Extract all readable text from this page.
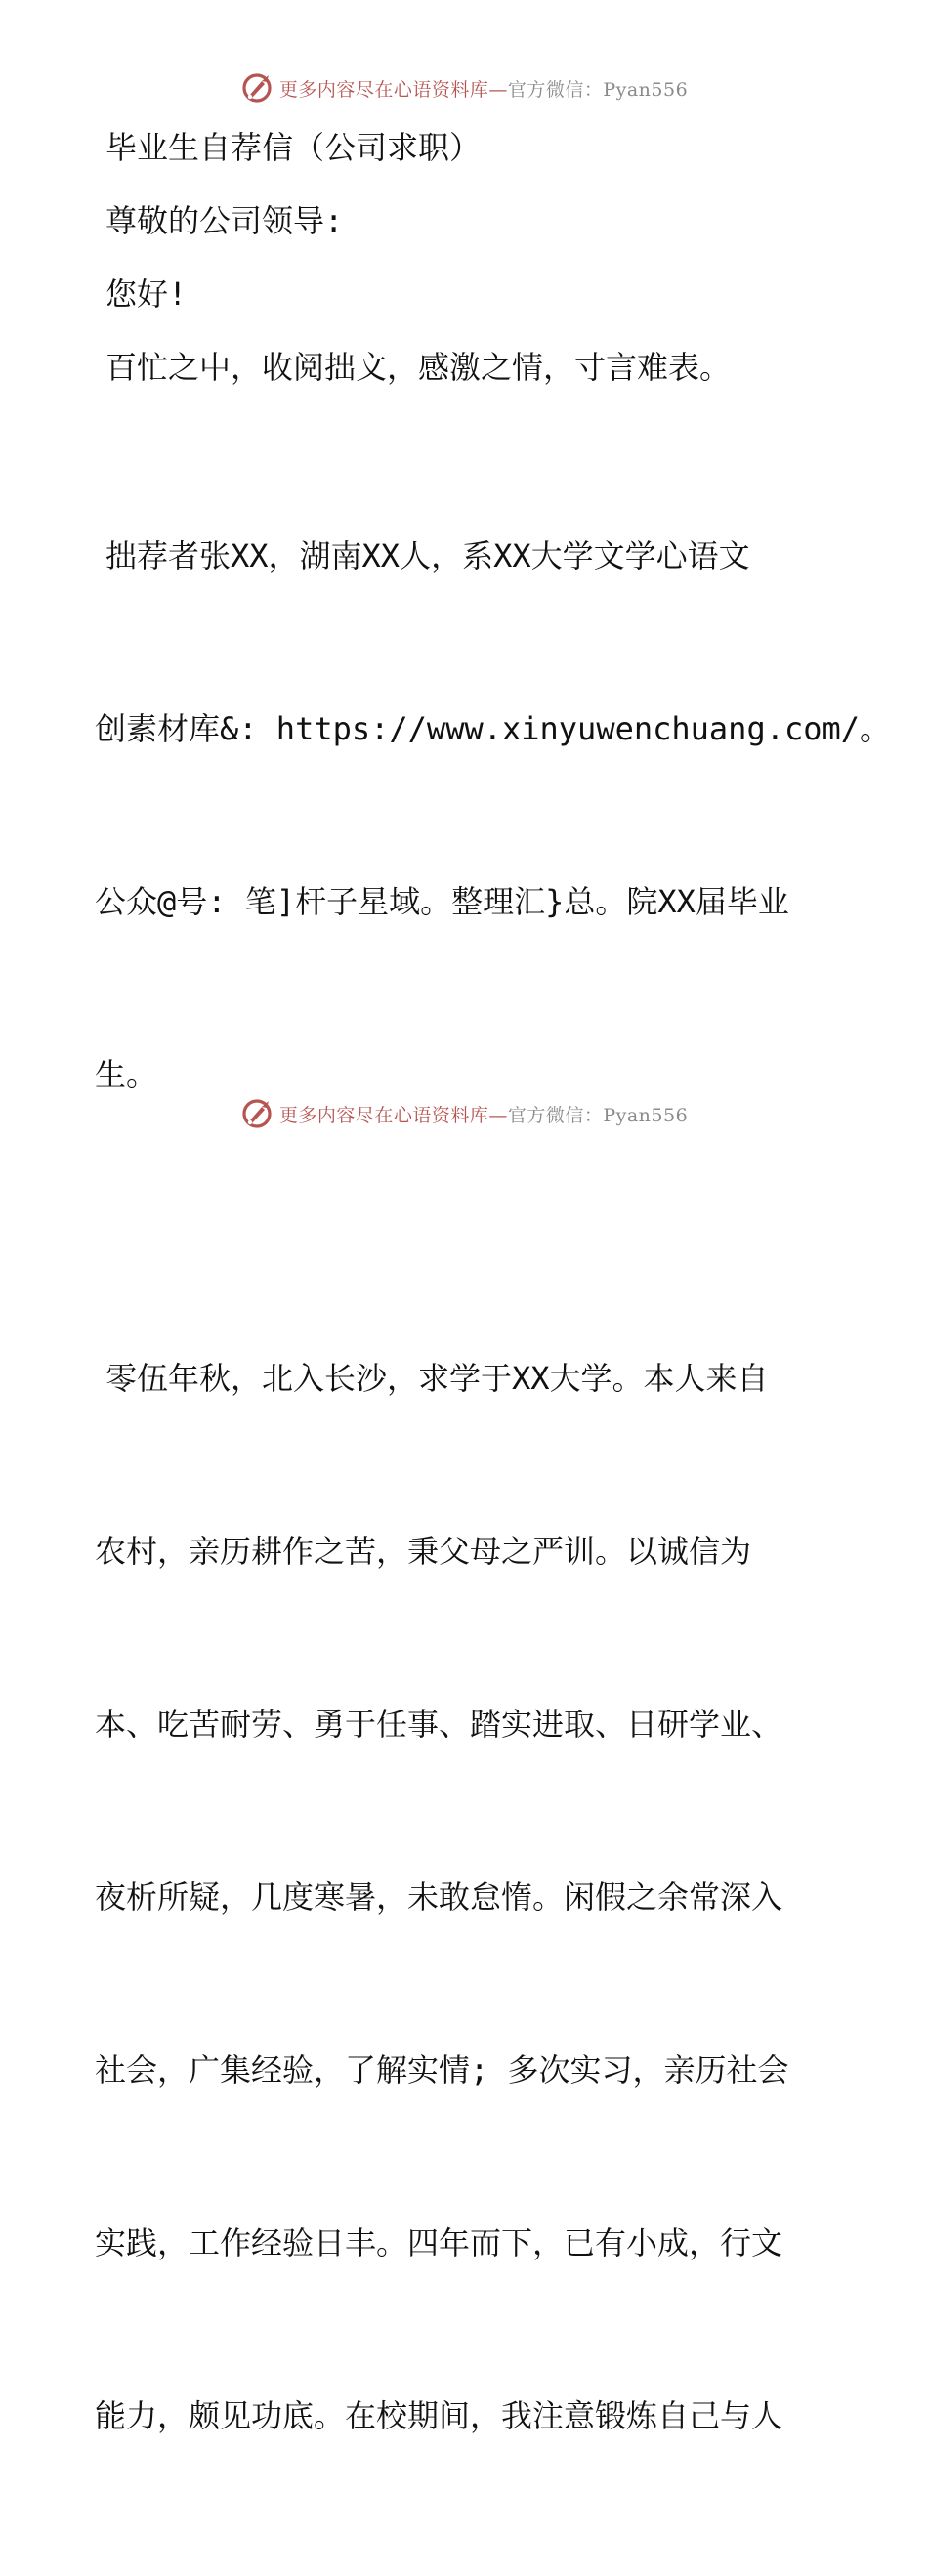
更多内容尽在心语资料库—官方微信：Pyan556
毕业生自荐信（公司求职）
尊敬的公司领导:
您好!
百忙之中，收阅拙文，感激之情，寸言难表。

拙荐者张XX，湖南XX人，系XX大学文学心语文

创素材库&: https://www.xinyuwenchuang.com/。

公众@号: 笔]杆子星域。整理汇}总。院XX届毕业

生。

零伍年秋，北入长沙，求学于XX大学。本人来自

农村，亲历耕作之苦，秉父母之严训。以诚信为

本、吃苦耐劳、勇于任事、踏实进取、日研学业、

夜析所疑，几度寒暑，未敢怠惰。闲假之余常深入

社会，广集经验，了解实情; 多次实习，亲历社会

实践，工作经验日丰。四年而下，已有小成，行文

能力，颇见功底。在校期间，我注意锻炼自己与人

更多内容尽在心语资料库—官方微信：Pyan556
